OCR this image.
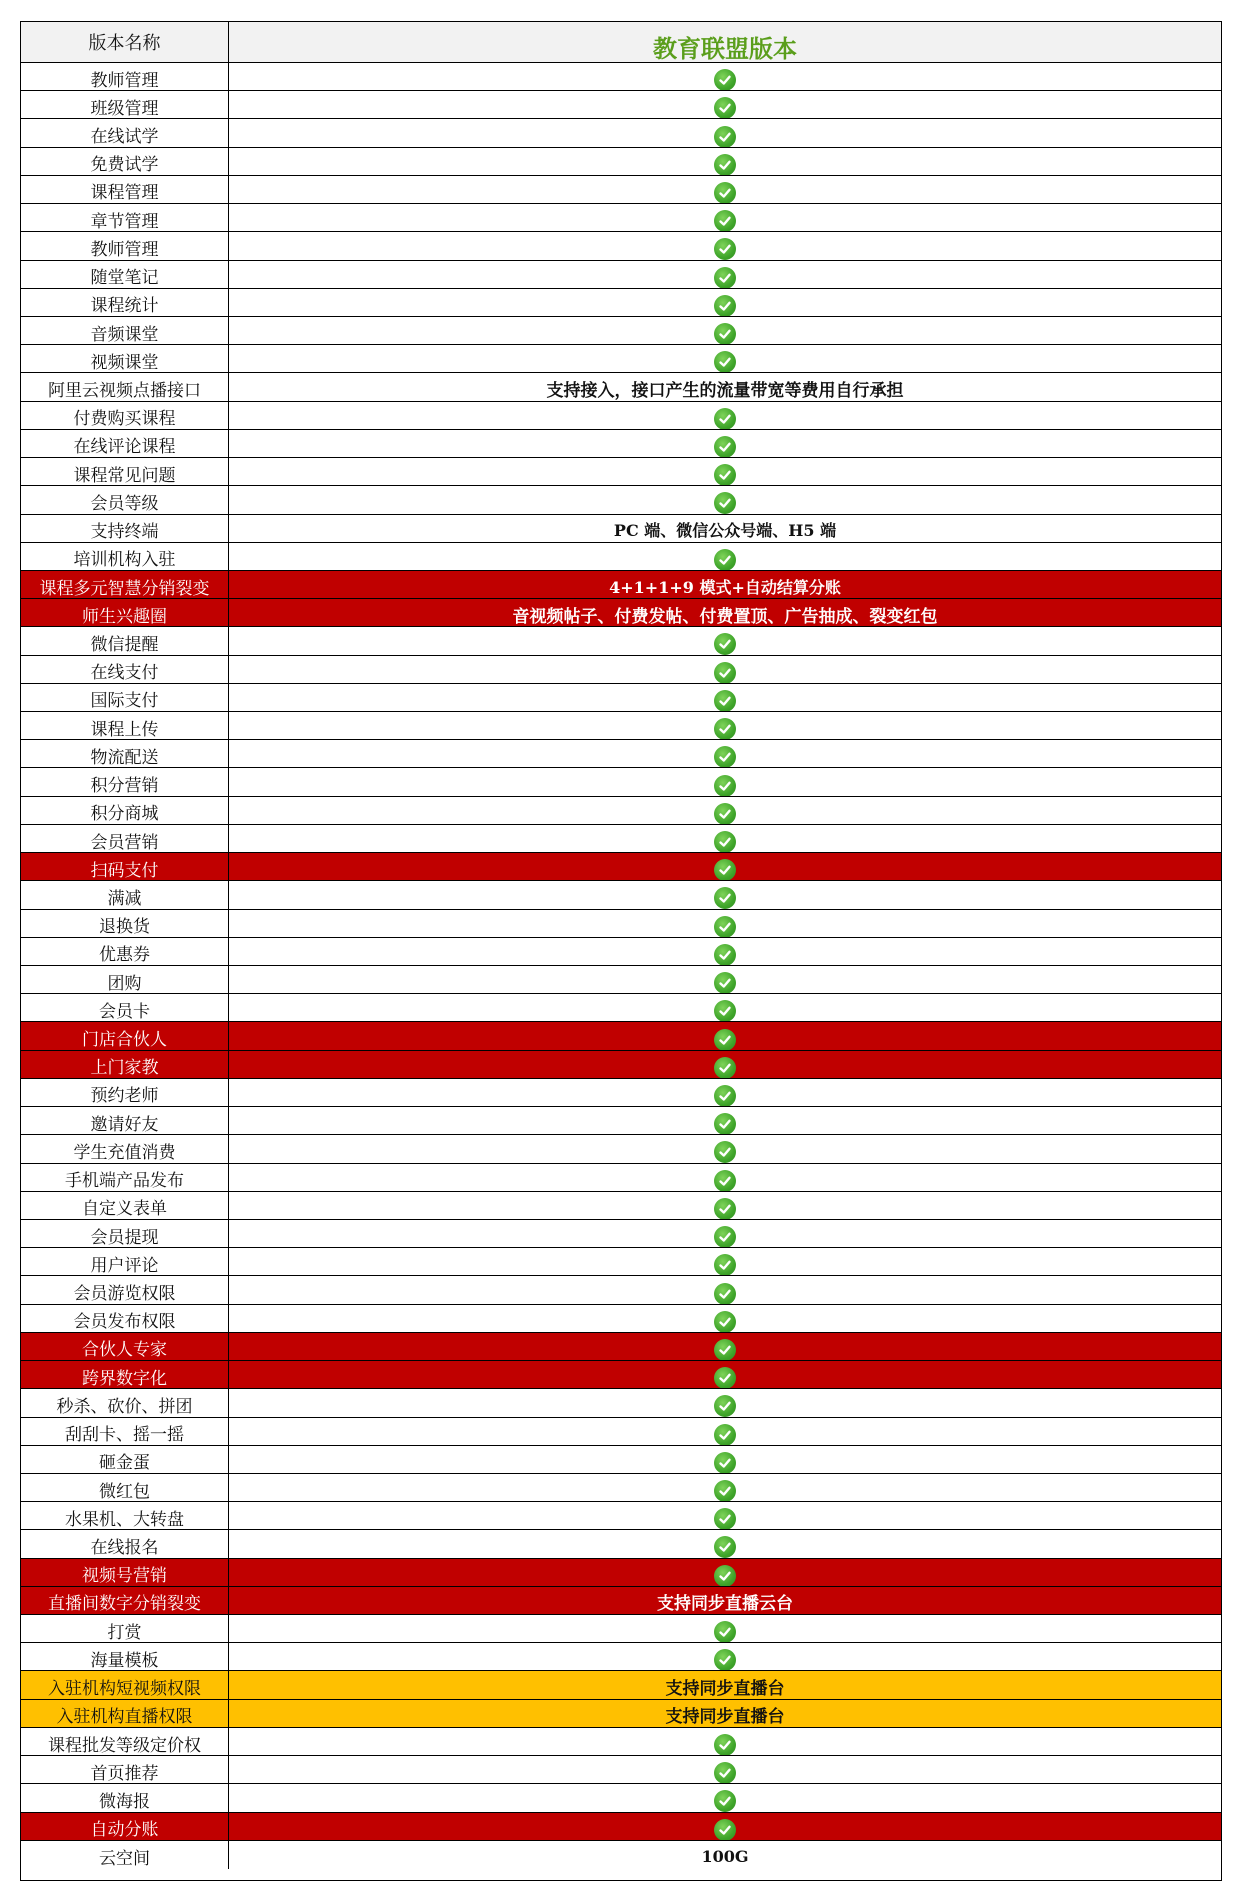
版本名称	教育联盟版本
教师管理
班级管理
在线试学
免费试学
课程管理
章节管理
教师管理
随堂笔记
课程统计
音频课堂
视频课堂
阿里云视频点播接口	支持接入，接口产生的流量带宽等费用自行承担
付费购买课程
在线评论课程
课程常见问题
会员等级
支持终端	PC 端、微信公众号端、H5 端
培训机构入驻
课程多元智慧分销裂变	4+1+1+9 模式+自动结算分账
师生兴趣圈	音视频帖子、付费发帖、付费置顶、广告抽成、裂变红包
微信提醒
在线支付
国际支付
课程上传
物流配送
积分营销
积分商城
会员营销
扫码支付
满减
退换货
优惠券
团购
会员卡
门店合伙人
上门家教
预约老师
邀请好友
学生充值消费
手机端产品发布
自定义表单
会员提现
用户评论
会员游览权限
会员发布权限
合伙人专家
跨界数字化
秒杀、砍价、拼团
刮刮卡、摇一摇
砸金蛋
微红包
水果机、大转盘
在线报名
视频号营销
直播间数字分销裂变	支持同步直播云台
打赏
海量模板
入驻机构短视频权限	支持同步直播台
入驻机构直播权限	支持同步直播台
课程批发等级定价权
首页推荐
微海报
自动分账
云空间	100G
